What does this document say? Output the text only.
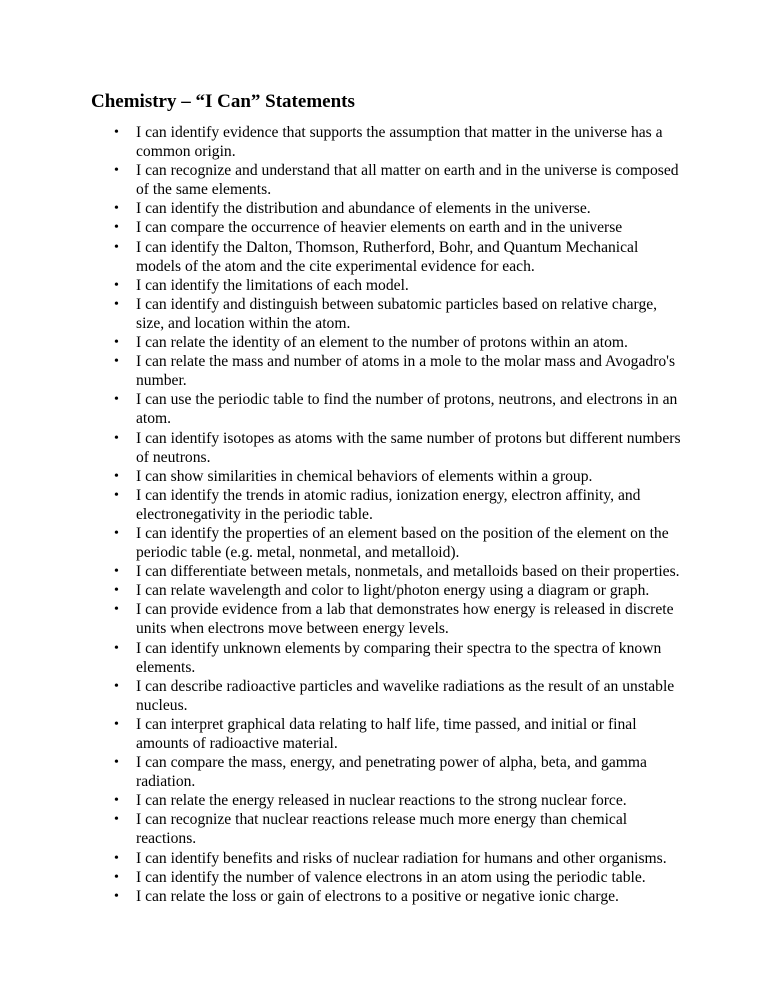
Chemistry – “I Can” Statements
• I can identify evidence that supports the assumption that matter in the universe has a common origin.
• I can recognize and understand that all matter on earth and in the universe is composed of the same elements.
• I can identify the distribution and abundance of elements in the universe.
• I can compare the occurrence of heavier elements on earth and in the universe
• I can identify the Dalton, Thomson, Rutherford, Bohr, and Quantum Mechanical models of the atom and the cite experimental evidence for each.
• I can identify the limitations of each model.
• I can identify and distinguish between subatomic particles based on relative charge, size, and location within the atom.
• I can relate the identity of an element to the number of protons within an atom.
• I can relate the mass and number of atoms in a mole to the molar mass and Avogadro's number.
• I can use the periodic table to find the number of protons, neutrons, and electrons in an atom.
• I can identify isotopes as atoms with the same number of protons but different numbers of neutrons.
• I can show similarities in chemical behaviors of elements within a group.
• I can identify the trends in atomic radius, ionization energy, electron affinity, and electronegativity in the periodic table.
• I can identify the properties of an element based on the position of the element on the periodic table (e.g. metal, nonmetal, and metalloid).
• I can differentiate between metals, nonmetals, and metalloids based on their properties.
• I can relate wavelength and color to light/photon energy using a diagram or graph.
• I can provide evidence from a lab that demonstrates how energy is released in discrete units when electrons move between energy levels.
• I can identify unknown elements by comparing their spectra to the spectra of known elements.
• I can describe radioactive particles and wavelike radiations as the result of an unstable nucleus.
• I can interpret graphical data relating to half life, time passed, and initial or final amounts of radioactive material.
• I can compare the mass, energy, and penetrating power of alpha, beta, and gamma radiation.
• I can relate the energy released in nuclear reactions to the strong nuclear force.
• I can recognize that nuclear reactions release much more energy than chemical reactions.
• I can identify benefits and risks of nuclear radiation for humans and other organisms.
• I can identify the number of valence electrons in an atom using the periodic table.
• I can relate the loss or gain of electrons to a positive or negative ionic charge.
